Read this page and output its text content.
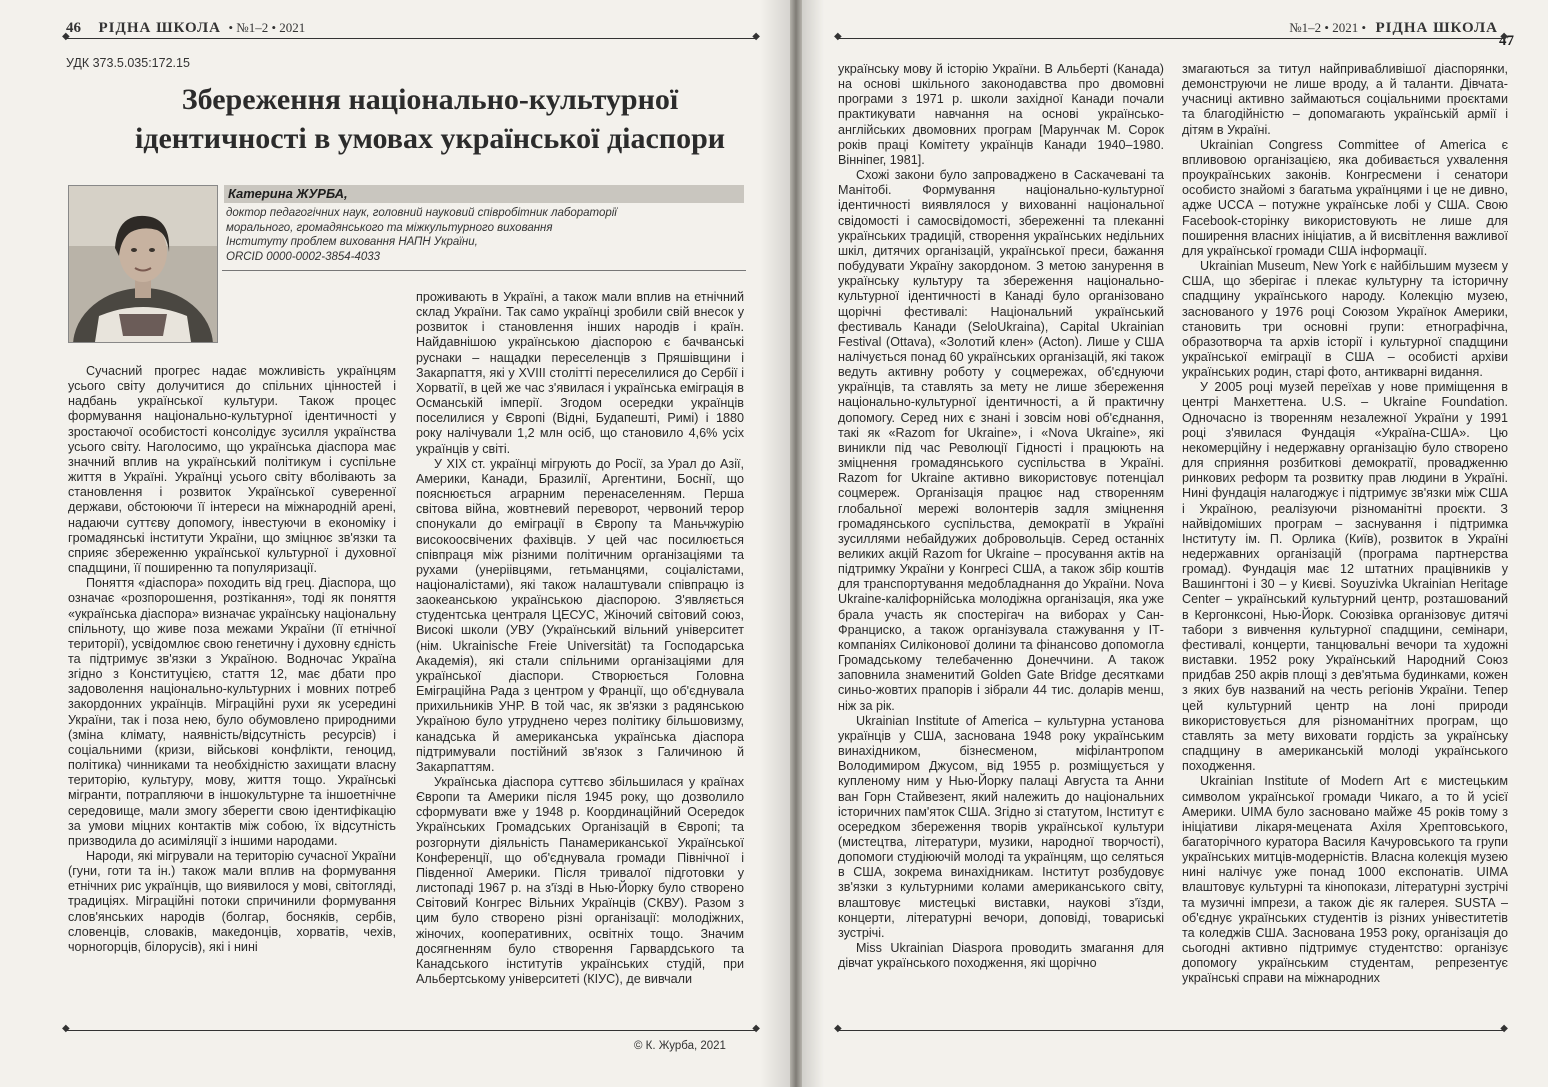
46 РІДНА ШКОЛА • №1–2 • 2021
◆ ◆
УДК 373.5.035:172.15
Збереження національно-культурної
ідентичності в умовах української діаспори
Катерина ЖУРБА,
доктор педагогічних наук, головний науковий співробітник лабораторії
морального, громадянського та міжкультурного виховання
Інституту проблем виховання НАПН України,
ORCID 0000-0002-3854-4033

Сучасний прогрес надає можливість українцям усього світу долучитися до спільних цінностей і надбань української культури. Також процес формування національно-культурної ідентичності у зростаючої особистості консолідує зусилля українства усього світу. Наголосимо, що українська діаспора має значний вплив на український політикум і суспільне життя в Україні. Українці усього світу вболівають за становлення і розвиток Української суверенної держави, обстоюючи її інтереси на міжнародній арені, надаючи суттєву допомогу, інвестуючи в економіку і громадянські інститути України, що зміцнює зв'язки та сприяє збереженню української культурної і духовної спадщини, її поширенню та популяризації.

Поняття «діаспора» походить від грец. Діаспора, що означає «розпорошення, розтікання», тоді як поняття «українська діаспора» визначає українську національну спільноту, що живе поза межами України (її етнічної території), усвідомлює свою генетичну і духовну єдність та підтримує зв'язки з Україною. Водночас Україна згідно з Конституцією, стаття 12, має дбати про задоволення національно-культурних і мовних потреб закордонних українців. Міграційні рухи як усередині України, так і поза нею, було обумовлено природними (зміна клімату, наявність/відсутність ресурсів) і соціальними (кризи, військові конфлікти, геноцид, політика) чинниками та необхідністю захищати власну територію, культуру, мову, життя тощо. Українські мігранти, потрапляючи в іншокультурне та іншоетнічне середовище, мали змогу зберегти свою ідентифікацію за умови міцних контактів між собою, їх відсутність призводила до асиміляції з іншими народами.

Народи, які мігрували на територію сучасної України (гуни, готи та ін.) також мали вплив на формування етнічних рис українців, що виявилося у мові, світогляді, традиціях. Міграційні потоки спричинили формування слов'янських народів (болгар, босняків, сербів, словенців, словаків, македонців, хорватів, чехів, чорногорців, білорусів), які і нині

проживають в Україні, а також мали вплив на етнічний склад України. Так само українці зробили свій внесок у розвиток і становлення інших народів і країн. Найдавнішою українською діаспорою є бачванські руснаки – нащадки переселенців з Пряшівщини і Закарпаття, які у XVIII столітті переселилися до Сербії і Хорватії, в цей же час з'явилася і українська еміграція в Османській імперії. Згодом осередки українців поселилися у Європі (Віднi, Будапешті, Римі) і 1880 року налічували 1,2 млн осіб, що становило 4,6% усіх українців у світі.

У XIX ст. українці мігрують до Росії, за Урал до Азії, Америки, Канади, Бразилії, Аргентини, Боснії, що пояснюється аграрним перенаселенням. Перша світова війна, жовтневий переворот, червоний терор спонукали до еміграції в Європу та Маньчжурію високоосвічених фахівців. У цей час посилюється співпраця між різними політичним організаціями та рухами (унеріівцями, гетьманцями, соціалістами, націоналістами), які також налаштували співпрацю із заокеанською українською діаспорою. З'являється студентська централя ЦЕСУС, Жіночий світовий союз, Високі школи (УВУ (Український вільний університет (нім. Ukrainische Freie Universität) та Господарська Академія), які стали спільними організаціями для української діаспори. Створюється Головна Еміграційна Рада з центром у Франції, що об'єднувала прихильників УНР. В той час, як зв'язки з радянською Україною було утруднено через політику більшовизму, канадська й американська українська діаспора підтримували постійний зв'язок з Галичиною й Закарпаттям.

Українська діаспора суттєво збільшилася у країнах Європи та Америки після 1945 року, що дозволило сформувати вже у 1948 р. Координаційний Осередок Українських Громадських Організацій в Європі; та розгорнути діяльність Панамериканської Української Конференції, що об'єднувала громади Північної і Південної Америки. Після тривалої підготовки у листопаді 1967 р. на з'їзді в Нью-Йорку було створено Світовий Конгрес Вільних Українців (СКВУ). Разом з цим було створено різні організації: молодіжних, жіночих, кооперативних, освітніх тощо. Значим досягненням було створення Гарвардського та Канадського інститутів українських студій, при Альбертському університеті (КІУС), де вивчали

◆ ◆
© К. Журба, 2021
№1–2 • 2021 • РІДНА ШКОЛА
47
◆ ◆

українську мову й історію України. В Альберті (Канада) на основі шкільного законодавства про двомовні програми з 1971 р. школи західної Канади почали практикувати навчання на основі українсько-англійських двомовних програм [Марунчак М. Сорок років праці Комітету українців Канади 1940–1980. Вінніпег, 1981].

Схожі закони було запроваджено в Саскачевані та Манітобі. Формування національно-культурної ідентичності виявлялося у вихованні національної свідомості і самосвідомості, збереженні та плеканні українських традицій, створення українських недільних шкіл, дитячих організацій, української преси, бажання побудувати Україну закордоном. З метою занурення в українську культуру та збереження національно-культурної ідентичності в Канаді було організовано щорічні фестивалі: Національний український фестиваль Канади (SeloUkraina), Capital Ukrainian Festival (Ottava), «Золотий клен» (Acton). Лише у США налічується понад 60 українських організацій, які також ведуть активну роботу у соцмережах, об'єднуючи українців, та ставлять за мету не лише збереження національно-культурної ідентичності, а й практичну допомогу. Серед них є знані і зовсім нові об'єднання, такі як «Razom for Ukraine», і «Nova Ukraine», які виникли під час Революції Гідності і працюють на зміцнення громадянського суспільства в Україні. Razom for Ukraine активно використовує потенціал соцмереж. Організація працює над створенням глобальної мережі волонтерів задля зміцнення громадянського суспільства, демократії в Україні зусиллями небайдужих добровольців. Серед останніх великих акцій Razom for Ukraine – просування актів на підтримку України у Конгресі США, а також збір коштів для транспортування медобладнання до України. Nova Ukraine-каліфорнійська молодіжна організація, яка уже брала участь як спостерігач на виборах у Сан-Франциско, а також організувала стажування у ІТ-компаніях Силіконової долини та фінансово допомогла Громадському телебаченню Донеччини. А також заповнила знаменитий Golden Gate Bridge десятками синьо-жовтих прапорів і зібрали 44 тис. доларів менш, ніж за рік.

Ukrainian Institute of America – культурна установа українців у США, заснована 1948 року українським винахідником, бізнесменом, міфілантропом Володимиром Джусом, від 1955 р. розміщується у купленому ним у Нью-Йорку палаці Августа та Анни ван Горн Стайвезент, який належить до національних історичних пам'яток США. Згідно зі статутом, Інститут є осередком збереження творів української культури (мистецтва, літератури, музики, народної творчості), допомоги студіюючій молоді та українцям, що селяться в США, зокрема винахідникам. Інститут розбудовує зв'язки з культурними колами американського світу, влаштовує мистецькі виставки, наукові з'їзди, концерти, літературні вечори, доповіді, товариські зустрічі.

Miss Ukrainian Diaspora проводить змагання для дівчат українського походження, які щорічно

змагаються за титул найпривабливішої діаспорянки, демонструючи не лише вроду, а й таланти. Дівчата-учасниці активно займаються соціальними проєктами та благодійністю – допомагають українській армії і дітям в Україні.

Ukrainian Congress Committee of America є впливовою організацією, яка добивається ухвалення проукраїнських законів. Конгресмени і сенатори особисто знайомі з багатьма українцями і це не дивно, адже UCCA – потужне українське лобі у США. Свою Facebook-сторінку використовують не лише для поширення власних ініціатив, а й висвітлення важливої для української громади США інформації.

Ukrainian Museum, New York є найбільшим музеєм у США, що зберігає і плекає культурну та історичну спадщину українського народу. Колекцію музею, заснованого у 1976 році Союзом Українок Америки, становить три основні групи: етнографічна, образотворча та архів історії і культурної спадщини української еміграції в США – особисті архіви українських родин, старі фото, антикварні видання.

У 2005 році музей переїхав у нове приміщення в центрі Манхеттена. U.S. – Ukraine Foundation. Одночасно із творенням незалежної України у 1991 році з'явилася Фундація «Україна-США». Цю некомерційну і недержавну організацію було створено для сприяння розбиткові демократії, провадженню ринкових реформ та розвитку прав людини в Україні. Нині фундація налагоджує і підтримує зв'язки між США і Україною, реалізуючи різноманітні проєкти. З найвідоміших програм – заснування і підтримка Інституту ім. П. Орлика (Київ), розвиток в Україні недержавних організацій (програма партнерства громад). Фундація має 12 штатних працівників у Вашингтоні і 30 – у Києві. Soyuzivka Ukrainian Heritage Center – український культурний центр, розташований в Кергонксоні, Нью-Йорк. Союзівка організовує дитячі табори з вивчення культурної спадщини, семінари, фестивалі, концерти, танцювальні вечори та художні виставки. 1952 року Український Народний Союз придбав 250 акрів площі з дев'ятьма будинками, кожен з яких був названий на честь регіонів України. Тепер цей культурний центр на лоні природи використовується для різноманітних програм, що ставлять за мету виховати гордість за українську спадщину в американській молоді українського походження.

Ukrainian Institute of Modern Art є мистецьким символом української громади Чикаго, а то й усієї Америки. UIMA було засновано майже 45 років тому з ініціативи лікаря-мецената Ахіля Хрептовського, багаторічного куратора Василя Качуровського та групи українських митців-модерністів. Власна колекція музею нині налічує уже понад 1000 експонатів. UIMA влаштовує культурні та кінопокази, літературні зустрічі та музичні імпрези, а також діє як галерея. SUSTA – об'єднує українських студентів із різних унівеститетів та коледжів США. Заснована 1953 року, організація до сьогодні активно підтримує студентство: організує допомогу українським студентам, репрезентує українські справи на міжнародних

◆ ◆
